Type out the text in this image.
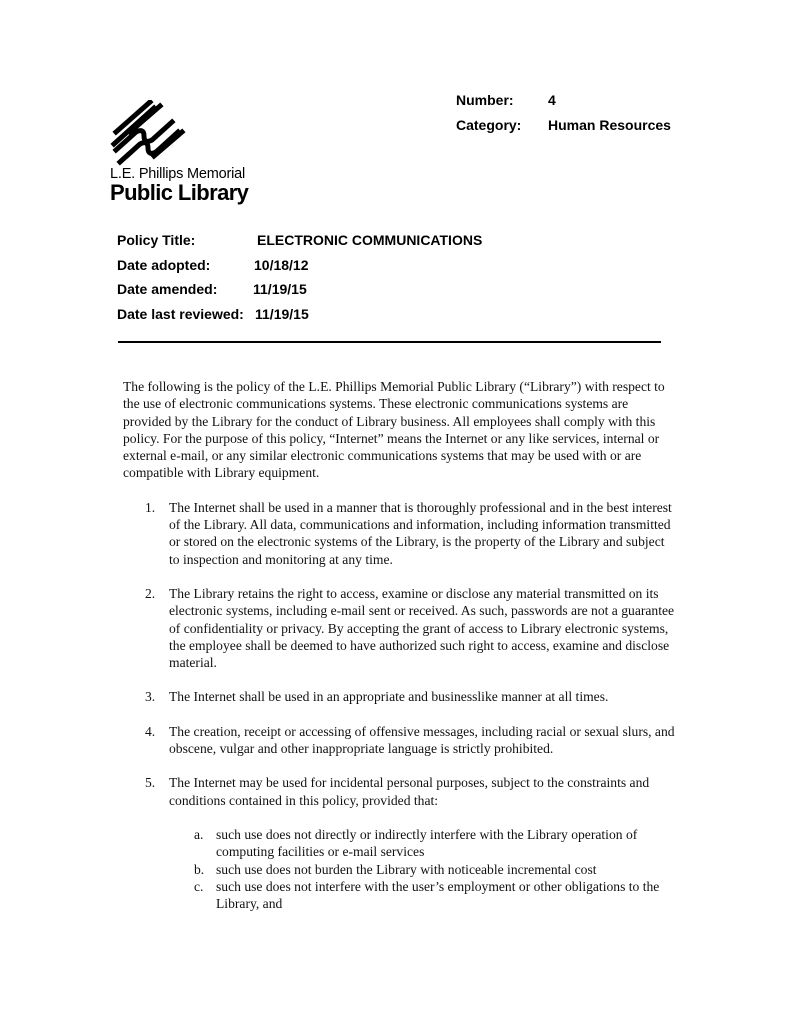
L.E. Phillips Memorial
Public Library
Number:	4
Category:	Human Resources
Policy Title:	ELECTRONIC COMMUNICATIONS
Date adopted:	10/18/12
Date amended:	11/19/15
Date last reviewed: 11/19/15

The following is the policy of the L.E. Phillips Memorial Public Library (“Library”) with respect to the use of electronic communications systems. These electronic communications systems are provided by the Library for the conduct of Library business. All employees shall comply with this policy. For the purpose of this policy, “Internet” means the Internet or any like services, internal or external e-mail, or any similar electronic communications systems that may be used with or are compatible with Library equipment.

1. The Internet shall be used in a manner that is thoroughly professional and in the best interest of the Library. All data, communications and information, including information transmitted or stored on the electronic systems of the Library, is the property of the Library and subject to inspection and monitoring at any time.
2. The Library retains the right to access, examine or disclose any material transmitted on its electronic systems, including e-mail sent or received. As such, passwords are not a guarantee of confidentiality or privacy. By accepting the grant of access to Library electronic systems, the employee shall be deemed to have authorized such right to access, examine and disclose material.
3. The Internet shall be used in an appropriate and businesslike manner at all times.
4. The creation, receipt or accessing of offensive messages, including racial or sexual slurs, and obscene, vulgar and other inappropriate language is strictly prohibited.
5. The Internet may be used for incidental personal purposes, subject to the constraints and conditions contained in this policy, provided that:
a. such use does not directly or indirectly interfere with the Library operation of computing facilities or e-mail services
b. such use does not burden the Library with noticeable incremental cost
c. such use does not interfere with the user’s employment or other obligations to the Library, and
